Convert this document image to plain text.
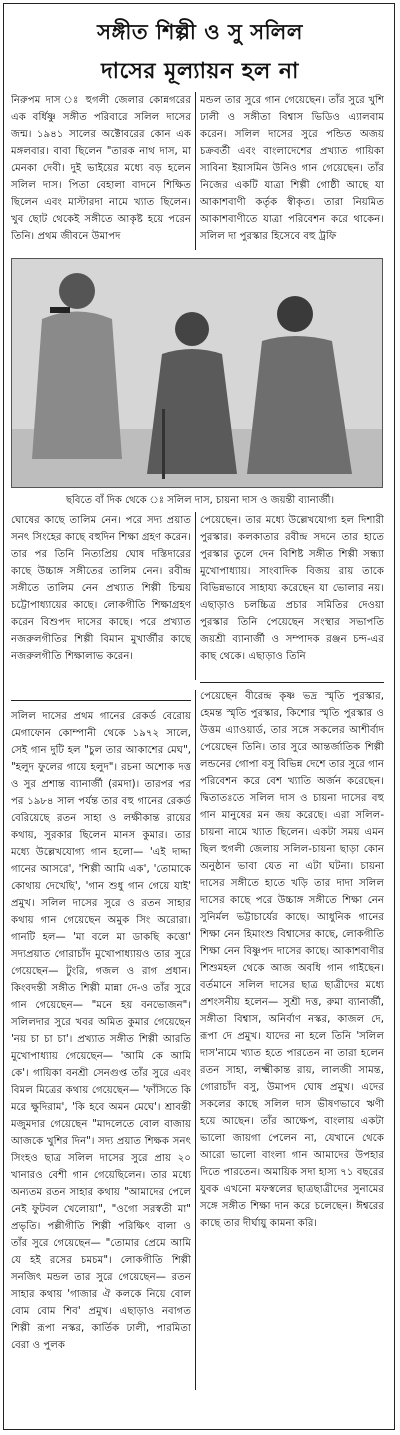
সঙ্গীত শিল্পী ও সু সলিল
দাসের মূল্যায়ন হল না

নিরুপম দাস ঃ হুগলী জেলার কোন্নগরের এক বর্ধিষ্ণু সঙ্গীত পরিবারে সলিল দাসের জন্ম। ১৯৪১ সালের অক্টোবরের কোন এক মঙ্গলবার। বাবা ছিলেন "তারক নাথ দাস, মা মেনকা দেবী। দুই ভাইয়ের মধ্যে বড় হলেন সলিল দাস। পিতা বেহালা বাদনে শিক্ষিত ছিলেন এবং মাস্টারদা নামে খ্যাত ছিলেন। খুব ছোট থেকেই সঙ্গীতে আকৃষ্ট হয়ে পরেন তিনি। প্রথম জীবনে উমাপদ

মন্ডল তার সুরে গান গেয়েছেন। তাঁর সুরে খুশি ঢালী ও সঙ্গীতা বিশ্বাস ভিডিও এ্যালবাম করেন। সলিল দাসের সুরে পন্ডিত অজয় চক্রবর্তী এবং বাংলাদেশের প্রখ্যাত গায়িকা সাবিনা ইয়াসমিন উনিও গান গেয়েছেন। তাঁর নিজের একটি যাত্রা শিল্পী গোষ্ঠী আছে যা আকাশবাণী কর্তৃক স্বীকৃত। তারা নিয়মিত আকাশবাণীতে যাত্রা পরিবেশন করে থাকেন। সলিল দা পুরস্কার হিসেবে বহু ট্রফি

ছবিতে বাঁ দিক থেকে ঃ সলিল দাস, চায়না দাস ও জয়ন্তী ব্যানার্জী।

ঘোষের কাছে তালিম নেন। পরে সদ্য প্রয়াত সনৎ সিংহের কাছে বহুদিন শিক্ষা গ্রহণ করেন। তার পর তিনি নিত্যপ্রিয় ঘোষ দস্তিদারের কাছে উচ্চাঙ্গ সঙ্গীতের তালিম নেন। রবীন্দ্র সঙ্গীতে তালিম নেন প্রখ্যাত শিল্পী চিন্ময় চট্টোপাধ্যায়ের কাছে। লোকগীতি শিক্ষাগ্রহণ করেন বিশুপদ দাসের কাছে। পরে প্রখ্যাত নজরুলগীতির শিল্পী বিমান মুখার্জীর কাছে নজরুলগীতি শিক্ষালাভ করেন।

পেয়েছেন। তার মধ্যে উল্লেখযোগ্য হল দিশারী পুরস্কার। কলকাতার রবীন্দ্র সদনে তার হাতে পুরস্কার তুলে দেন বিশিষ্ট সঙ্গীত শিল্পী সন্ধ্যা মুখোপাধ্যায়। সাংবাদিক বিজয় রায় তাকে বিভিন্নভাবে সাহায্য করেছেন যা ভোলার নয়। এছাড়াও চলচ্চিত্র প্রচার সমিতির দেওয়া পুরস্কার তিনি পেয়েছেন সংস্থার সভাপতি জয়শ্রী ব্যানার্জী ও সম্পাদক রঞ্জন চন্দ-এর কাছ থেকে। এছাড়াও তিনি

সলিল দাসের প্রথম গানের রেকর্ড বেরোয় মেগাফোন কোম্পানী থেকে ১৯৭২ সালে, সেই গান দুটি হল "চুল তার আকাশের মেঘ", "হলুদ ফুলের গায়ে হলুদ"। রচনা অশোক দত্ত ও সুর প্রশান্ত ব্যানার্জী (রমদা)। তারপর পর পর ১৯৮৪ সাল পর্যন্ত তার বহু গানের রেকর্ড বেরিয়েছে রতন সাহা ও লক্ষীকান্ত রায়ের কথায়, সুরকার ছিলেন মানস কুমার। তার মধ্যে উল্লেখযোগ্য গান হলো— 'এই দাদ্দা গানের আসরে', 'শিল্পী আমি এক', 'তোমাকে কোথায় দেখেছি', 'গান শুধু গান গেয়ে যাই' প্রমুখ। সলিল দাসের সুরে ও রতন সাহার কথায় গান গেয়েছেন অমুক সিং অরোরা। গানটি হল— 'মা বলে মা ডাকছি কত্তো' সদ্যপ্রয়াত গোরাচাঁদ মুখোপাধ্যায়ও তার সুরে গেয়েছেন— টুংরি, গজল ও রাগ প্রধান। কিংবদন্তী সঙ্গীত শিল্পী মান্না দে-ও তাঁর সুরে গান গেয়েছেন— "মনে হয় বনভোজন"। সলিলদার সুরে খবর অমিত কুমার গেয়েছেন 'নয় চা চা চা'। প্রখ্যাত সঙ্গীত শিল্পী আরতি মুখোপাধ্যায় গেয়েছেন— 'আমি কে আমি কে'। গায়িকা বনশ্রী সেনগুপ্ত তাঁর সুরে এবং বিমল মিত্রের কথায় গেয়েছেন— 'ফাঁসিতে কি মরে ক্ষুদিরাম', 'কি হবে অমন মেঘে'। শ্রাবন্তী মজুমদার গেয়েছেন "মাদলেতে বোল বাজায় আজকে খুশির দিন"। সদ্য প্রয়াত শিক্ষক সনৎ সিংহও ছাত্র সলিল দাসের সুরে প্রায় ২০ খানারও বেশী গান গেয়েছিলেন। তার মধ্যে অন্যতম রতন সাহার কথায় "আমাদের পেলে নেই ফুটবল খেলোয়া", "ওগো সরস্বতী মা" প্রভৃতি। পল্লীগীতি শিল্পী পরিক্ষিৎ বালা ও তাঁর সুরে গেয়েছেন— "তোমার প্রেমে আমি যে হই রসের চমচম"। লোকগীতি শিল্পী সনজিৎ মন্ডল তার সুরে গেয়েছেন— রতন সাহার কথায় 'গাজার ঐ কলকে নিয়ে বোল বোম বোম শিব' প্রমুখ। এছাড়াও নবাগত শিল্পী রূপা নস্কর, কার্তিক ঢালী, পারমিতা বেরা ও পুলক

পেয়েছেন বীরেন্দ্র কৃষ্ণ ভদ্র স্মৃতি পুরস্কার, হেমন্ত স্মৃতি পুরস্কার, কিশোর স্মৃতি পুরস্কার ও উত্তম এ্যাওয়ার্ড, তার সঙ্গে সকলের আশীর্বাদ পেয়েছেন তিনি। তার সুরে আন্তর্জাতিক শিল্পী লন্ডনের গোপা বসু বিভিন্ন দেশে তার সুরে গান পরিবেশন করে বেশ খ্যাতি অর্জন করেছেন। দ্বিতাতঃতে সলিল দাস ও চায়না দাসের বহু গান মানুষের মন জয় করেছে। এরা সলিল-চায়না নামে খ্যাত ছিলেন। একটা সময় এমন ছিল হুগলী জেলায় সলিল-চায়না ছাড়া কোন অনুষ্ঠান ভাবা যেত না এটা ঘটনা। চায়না দাসের সঙ্গীতে হাতে খড়ি তার দাদা সলিল দাসের কাছে পরে উচ্চাঙ্গ সঙ্গীতে শিক্ষা নেন সুনির্মল ভট্টাচার্যের কাছে। আধুনিক গানের শিক্ষা নেন হিমাংশু বিশ্বাসের কাছে, লোকগীতি শিক্ষা নেন বিষ্ণুপদ দাসের কাছে। আকাশবাণীর শিশুমহল থেকে আজ অবধি গান গাইছেন। বর্তমানে সলিল দাসের ছাত্র ছাত্রীদের মধ্যে প্রশংসনীয় হলেন— সুশ্রী দত্ত, রুমা ব্যানার্জী, সঙ্গীতা বিশ্বাস, অনির্বাণ নস্কর, কাজল দে, রূপা দে প্রমুখ। যাদের না হলে তিনি 'সলিল দাস'নামে খ্যাত হতে পারতেন না তারা হলেন রতন সাহা, লক্ষ্মীকান্ত রায়, লালজী সামন্ত, গোরাচাঁদ বসু, উমাপদ ঘোষ প্রমুখ। এদের সকলের কাছে সলিল দাস ভীষণভাবে ঋণী হয়ে আছেন। তাঁর আক্ষেপ, বাংলায় একটা ভালো জায়গা পেলেন না, যেখানে থেকে আরো ভালো বাংলা গান আমাদের উপহার দিতে পারতেন। অমায়িক সদা হাস্য ৭১ বছরের যুবক এখনো মফস্বলের ছাত্রছাত্রীদের সুনামের সঙ্গে সঙ্গীত শিক্ষা দান করে চলেছেন। ঈশ্বরের কাছে তার দীর্ঘায়ু কামনা করি।
